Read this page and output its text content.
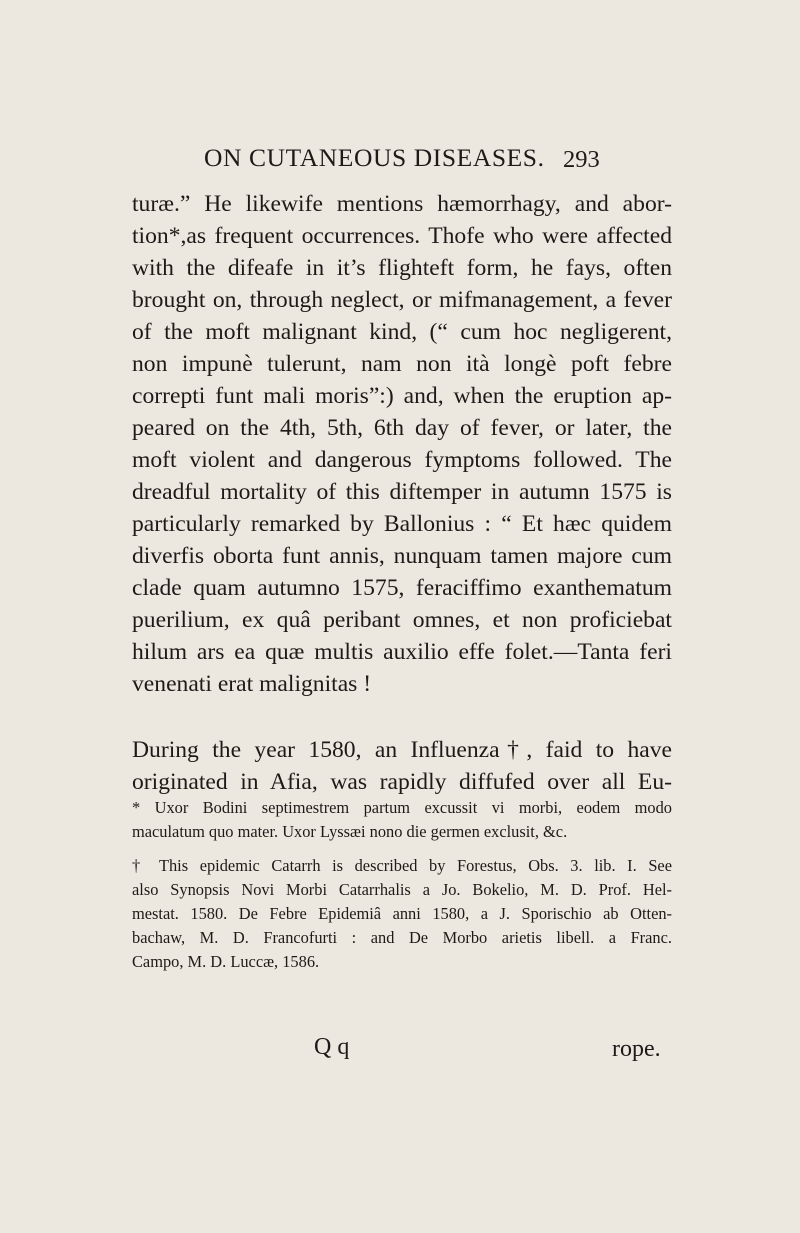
ON CUTANEOUS DISEASES. 293
turæ.” He likewife mentions hæmorrhagy, and abor-
tion*,as frequent occurrences. Thofe who were affected
with the difeafe in it’s flighteft form, he fays, often
brought on, through neglect, or mifmanagement, a fever
of the moft malignant kind, (“ cum hoc negligerent,
non impunè tulerunt, nam non ità longè poft febre
correpti funt mali moris”:) and, when the eruption ap-
peared on the 4th, 5th, 6th day of fever, or later, the
moft violent and dangerous fymptoms followed. The
dreadful mortality of this diftemper in autumn 1575 is
particularly remarked by Ballonius : “ Et hæc quidem
diverfis oborta funt annis, nunquam tamen majore cum
clade quam autumno 1575, feraciffimo exanthematum
puerilium, ex quâ peribant omnes, et non proficiebat
hilum ars ea quæ multis auxilio effe folet.—Tanta feri
venenati erat malignitas !
During the year 1580, an Influenza†, faid to have
originated in Afia, was rapidly diffufed over all Eu-
* Uxor Bodini septimestrem partum excussit vi morbi, eodem modo
maculatum quo mater. Uxor Lyssæi nono die germen exclusit, &c.
† This epidemic Catarrh is described by Forestus, Obs. 3. lib. I. See
also Synopsis Novi Morbi Catarrhalis a Jo. Bokelio, M. D. Prof. Hel-
mestat. 1580. De Febre Epidemiâ anni 1580, a J. Sporischio ab Otten-
bachaw, M. D. Francofurti : and De Morbo arietis libell. a Franc.
Campo, M. D. Luccæ, 1586.
Q q	rope.
